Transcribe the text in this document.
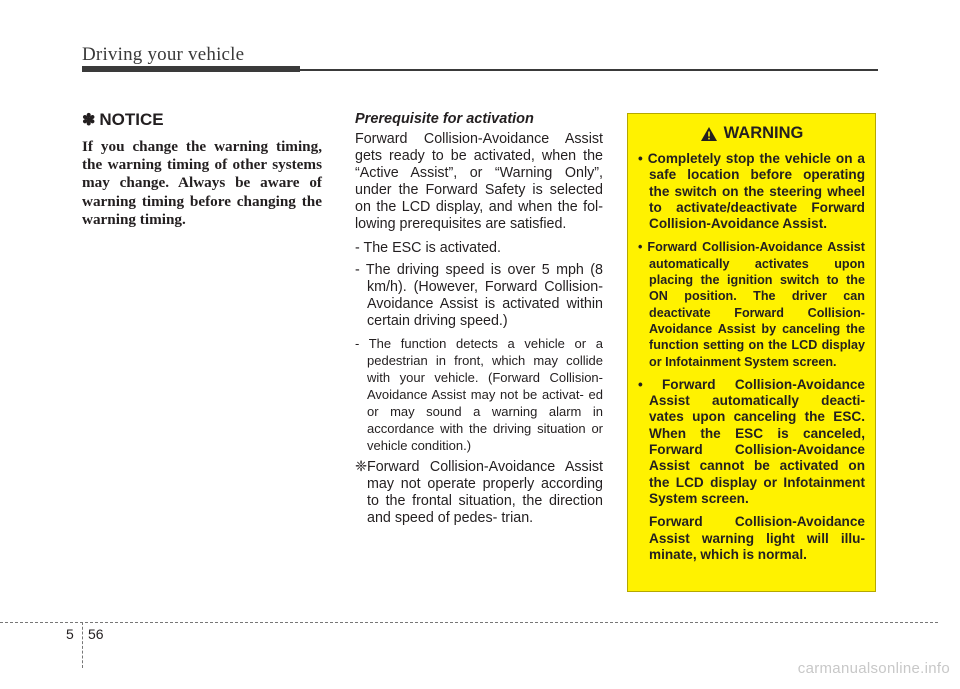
Driving your vehicle
✽ NOTICE

If you change the warning timing, the warning timing of other systems may change. Always be aware of warning timing before changing the warning timing.

Prerequisite for activation

Forward Collision-Avoidance Assist gets ready to be activated, when the “Active Assist”, or “Warning Only”, under the Forward Safety is selected on the LCD display, and when the fol- lowing prerequisites are satisfied.

- The ESC is activated.
- The driving speed is over 5 mph (8 km/h). (However, Forward Collision- Avoidance Assist is activated within certain driving speed.)
- The function detects a vehicle or a pedestrian in front, which may collide with your vehicle. (Forward Collision- Avoidance Assist may not be activat- ed or may sound a warning alarm in accordance with the driving situation or vehicle condition.)

❈Forward Collision-Avoidance Assist may not operate properly according to the frontal situation, the direction and speed of pedes- trian.

WARNING
• Completely stop the vehicle on a safe location before operating the switch on the steering wheel to activate/deactivate Forward Collision-Avoidance Assist.
• Forward Collision-Avoidance Assist automatically activates upon placing the ignition switch to the ON position. The driver can deactivate Forward Collision-Avoidance Assist by canceling the function setting on the LCD display or Infotainment System screen.
• Forward Collision-Avoidance Assist automatically deacti- vates upon canceling the ESC. When the ESC is canceled, Forward Collision-Avoidance Assist cannot be activated on the LCD display or Infotainment System screen.

Forward Collision-Avoidance Assist warning light will illu- minate, which is normal.

5 56
carmanualsonline.info
